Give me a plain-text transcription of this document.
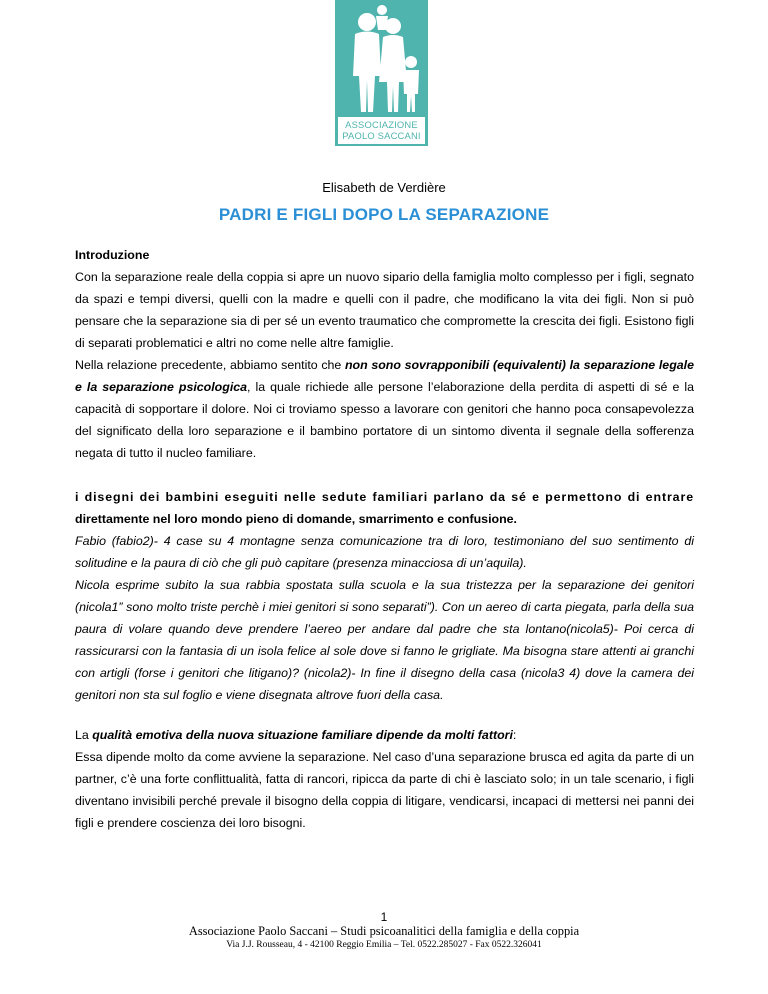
ASSOCIAZIONE
PAOLO SACCANI
Elisabeth de Verdière
PADRI E FIGLI DOPO LA SEPARAZIONE

Introduzione

Con la separazione reale della coppia si apre un nuovo sipario della famiglia molto complesso per i figli, segnato da spazi e tempi diversi, quelli con la madre e quelli con il padre, che modificano la vita dei figli. Non si può pensare che la separazione sia di per sé un evento traumatico che compromette la crescita dei figli. Esistono figli di separati problematici e altri no come nelle altre famiglie.

Nella relazione precedente, abbiamo sentito che non sono sovrapponibili (equivalenti) la separazione legale e la separazione psicologica, la quale richiede alle persone l’elaborazione della perdita di aspetti di sé e la capacità di sopportare il dolore. Noi ci troviamo spesso a lavorare con genitori che hanno poca consapevolezza del significato della loro separazione e il bambino portatore di un sintomo diventa il segnale della sofferenza negata di tutto il nucleo familiare.

i disegni dei bambini eseguiti nelle sedute familiari parlano da sé e permettono di entrare

direttamente nel loro mondo pieno di domande, smarrimento e confusione.

Fabio (fabio2)- 4 case su 4 montagne senza comunicazione tra di loro, testimoniano del suo sentimento di solitudine e la paura di ciò che gli può capitare (presenza minacciosa di un’aquila).

Nicola esprime subito la sua rabbia spostata sulla scuola e la sua tristezza per la separazione dei genitori (nicola1” sono molto triste perchè i miei genitori si sono separati”). Con un aereo di carta piegata, parla della sua paura di volare quando deve prendere l’aereo per andare dal padre che sta lontano(nicola5)- Poi cerca di rassicurarsi con la fantasia di un isola felice al sole dove si fanno le grigliate. Ma bisogna stare attenti ai granchi con artigli (forse i genitori che litigano)? (nicola2)- In fine il disegno della casa (nicola3 4) dove la camera dei genitori non sta sul foglio e viene disegnata altrove fuori della casa.

La qualità emotiva della nuova situazione familiare dipende da molti fattori:

Essa dipende molto da come avviene la separazione. Nel caso d’una separazione brusca ed agita da parte di un partner, c’è una forte conflittualità, fatta di rancori, ripicca da parte di chi è lasciato solo; in un tale scenario, i figli diventano invisibili perché prevale il bisogno della coppia di litigare, vendicarsi, incapaci di mettersi nei panni dei figli e prendere coscienza dei loro bisogni.

1
Associazione Paolo Saccani – Studi psicoanalitici della famiglia e della coppia
Via J.J. Rousseau, 4 - 42100 Reggio Emilia – Tel. 0522.285027 - Fax 0522.326041
